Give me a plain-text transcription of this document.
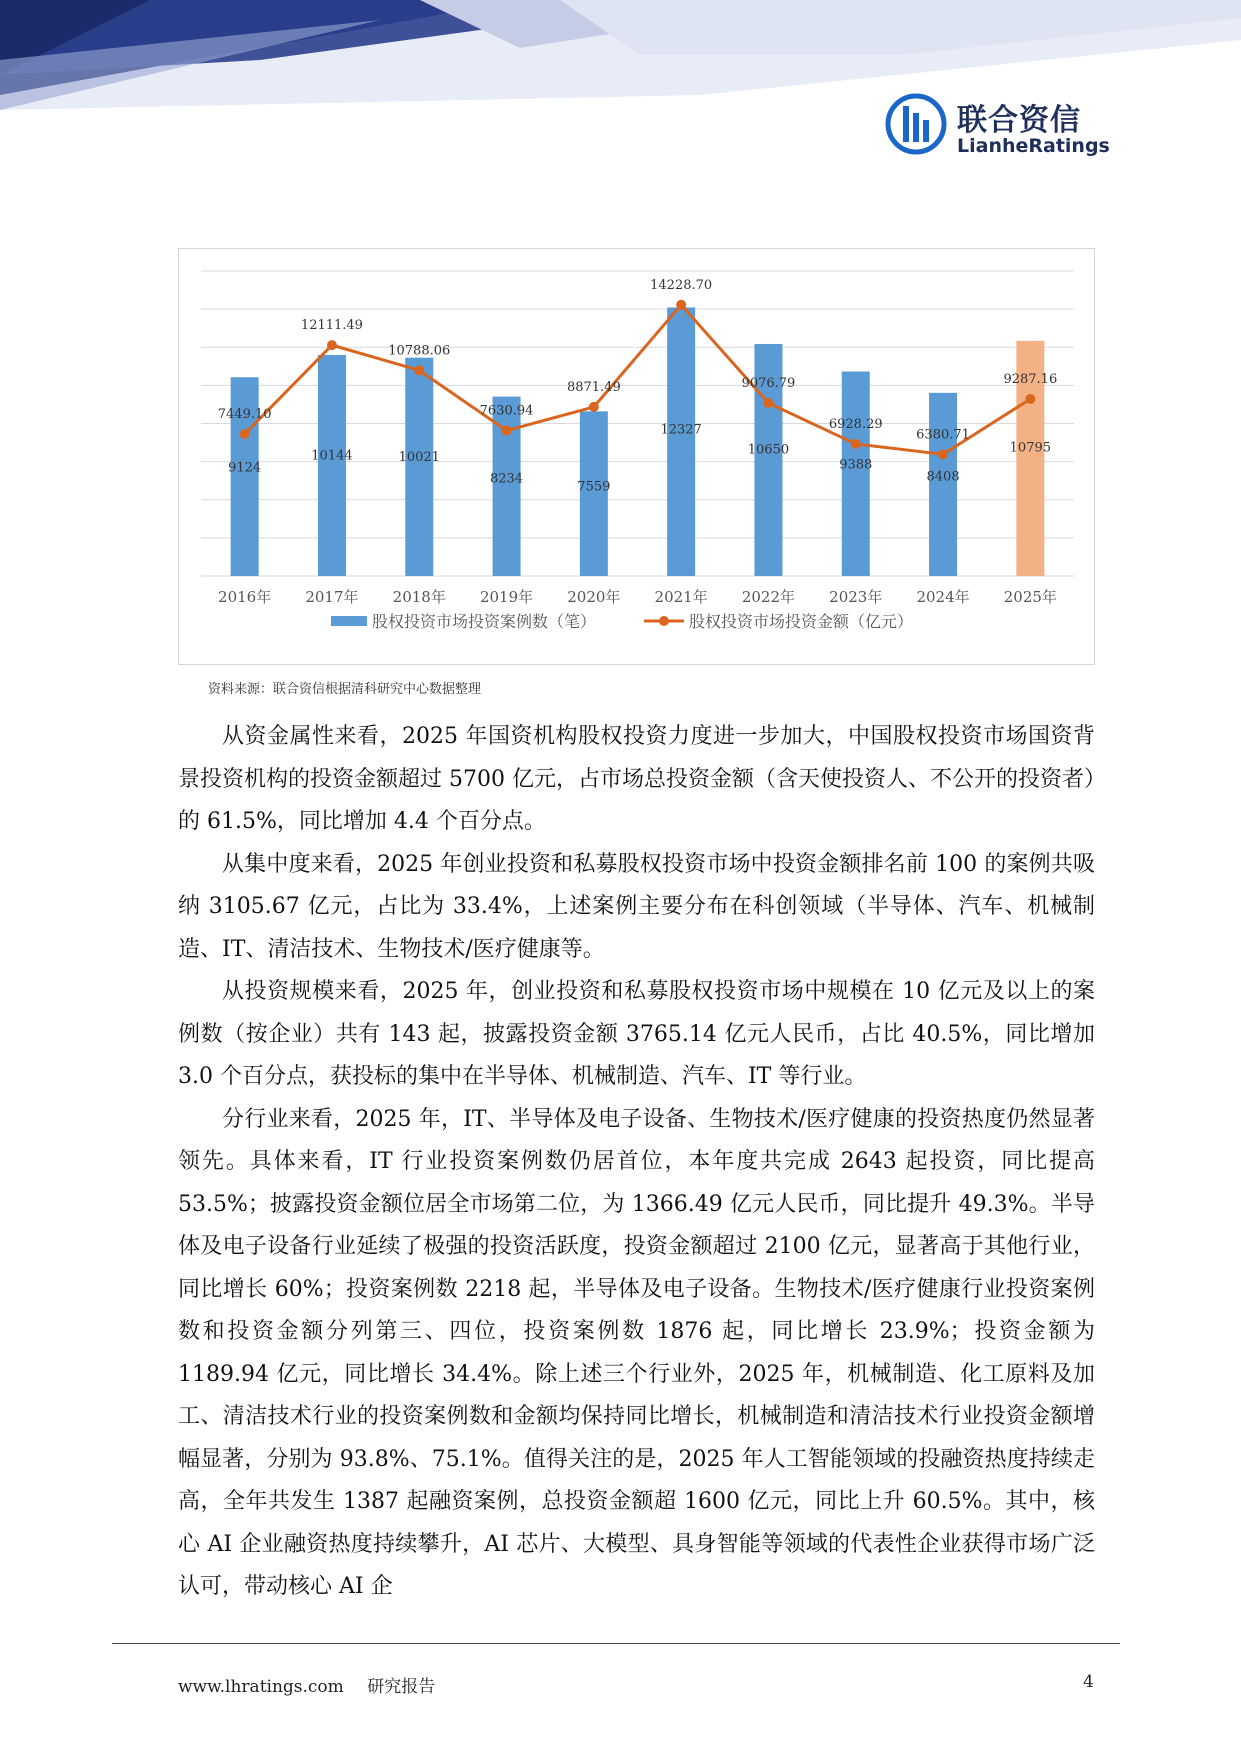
联合资信
LianheRatings
9124
2016年
10144
2017年
10021
2018年
8234
2019年
7559
2020年
12327
2021年
10650
2022年
9388
2023年
8408
2024年
10795
2025年
7449.10
12111.49
10788.06
7630.94
8871.49
14228.70
9076.79
6928.29
6380.71
9287.16
股权投资市场投资案例数（笔）	股权投资市场投资金额（亿元）
资料来源：联合资信根据清科研究中心数据整理

从资金属性来看，2025 年国资机构股权投资力度进一步加大，中国股权投资市场国资背景投资机构的投资金额超过 5700 亿元，占市场总投资金额（含天使投资人、不公开的投资者）的 61.5%，同比增加 4.4 个百分点。

从集中度来看，2025 年创业投资和私募股权投资市场中投资金额排名前 100 的案例共吸纳 3105.67 亿元，占比为 33.4%，上述案例主要分布在科创领域（半导体、汽车、机械制造、IT、清洁技术、生物技术/医疗健康等。

从投资规模来看，2025 年，创业投资和私募股权投资市场中规模在 10 亿元及以上的案例数（按企业）共有 143 起，披露投资金额 3765.14 亿元人民币，占比 40.5%，同比增加 3.0 个百分点，获投标的集中在半导体、机械制造、汽车、IT 等行业。

分行业来看，2025 年，IT、半导体及电子设备、生物技术/医疗健康的投资热度仍然显著领先。具体来看，IT 行业投资案例数仍居首位，本年度共完成 2643 起投资，同比提高 53.5%；披露投资金额位居全市场第二位，为 1366.49 亿元人民币，同比提升 49.3%。半导体及电子设备行业延续了极强的投资活跃度，投资金额超过 2100 亿元，显著高于其他行业，同比增长 60%；投资案例数 2218 起，半导体及电子设备。生物技术/医疗健康行业投资案例数和投资金额分列第三、四位，投资案例数 1876 起，同比增长 23.9%；投资金额为 1189.94 亿元，同比增长 34.4%。除上述三个行业外，2025 年，机械制造、化工原料及加工、清洁技术行业的投资案例数和金额均保持同比增长，机械制造和清洁技术行业投资金额增幅显著，分别为 93.8%、75.1%。值得关注的是，2025 年人工智能领域的投融资热度持续走高，全年共发生 1387 起融资案例，总投资金额超 1600 亿元，同比上升 60.5%。其中，核心 AI 企业融资热度持续攀升，AI 芯片、大模型、具身智能等领域的代表性企业获得市场广泛认可，带动核心 AI 企

www.lhratings.com 研究报告	4
